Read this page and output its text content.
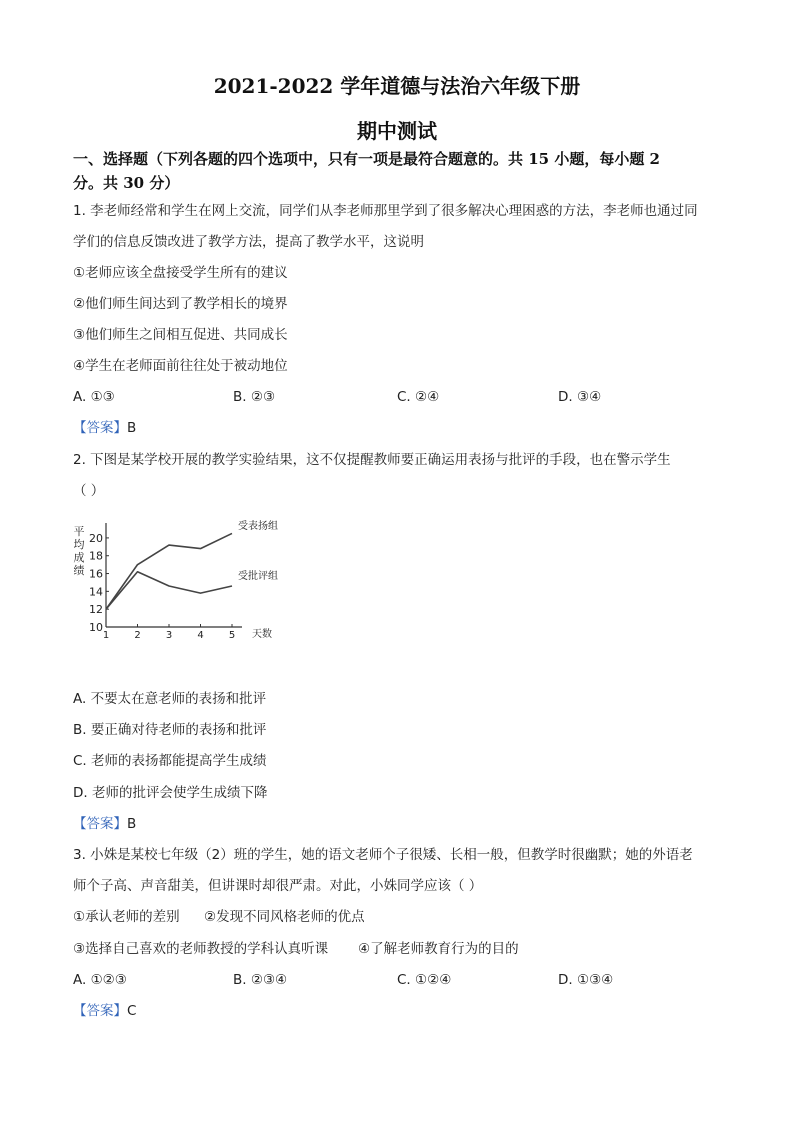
2021-2022 学年道德与法治六年级下册
期中测试
一、选择题（下列各题的四个选项中，只有一项是最符合题意的。共 15 小题，每小题 2
分。共 30 分）
1. 李老师经常和学生在网上交流，同学们从李老师那里学到了很多解决心理困惑的方法，李老师也通过同
学们的信息反馈改进了教学方法，提高了教学水平，这说明
①老师应该全盘接受学生所有的建议
②他们师生间达到了教学相长的境界
③他们师生之间相互促进、共同成长
④学生在老师面前往往处于被动地位
A. ①③	B. ②③	C. ②④	D. ③④
【答案】B
2. 下图是某学校开展的教学实验结果，这不仅提醒教师要正确运用表扬与批评的手段，也在警示学生
（ ）
平均成绩
天数
受表扬组
受批评组
10
12
14
16
18
20
1	2	3	4	5
A. 不要太在意老师的表扬和批评
B. 要正确对待老师的表扬和批评
C. 老师的表扬都能提高学生成绩
D. 老师的批评会使学生成绩下降
【答案】B
3. 小姝是某校七年级（2）班的学生，她的语文老师个子很矮、长相一般，但教学时很幽默；她的外语老
师个子高、声音甜美，但讲课时却很严肃。对此，小姝同学应该（ ）
①承认老师的差别 ②发现不同风格老师的优点
③选择自己喜欢的老师教授的学科认真听课 ④了解老师教育行为的目的
A. ①②③	B. ②③④	C. ①②④	D. ①③④
【答案】C
